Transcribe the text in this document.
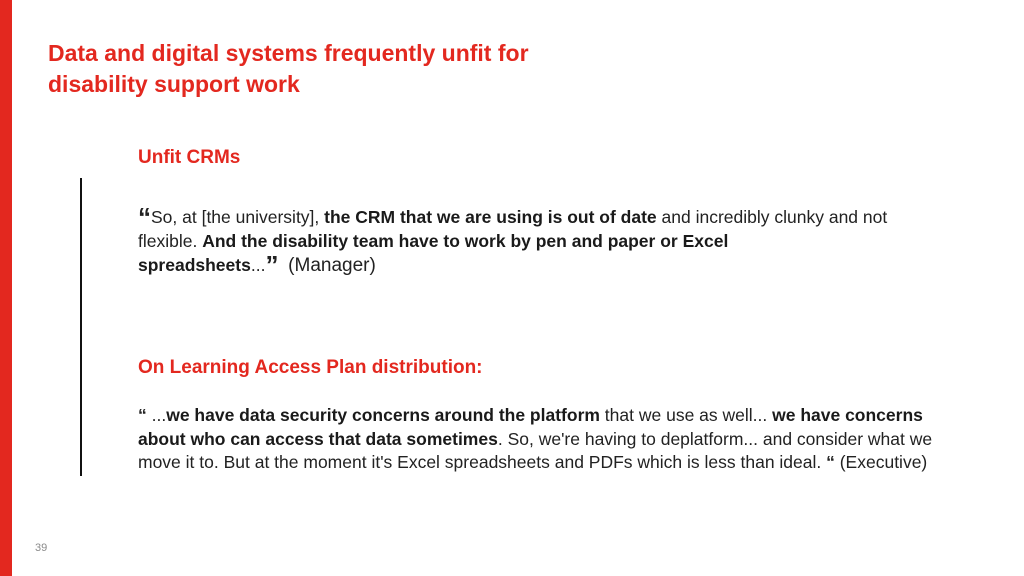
Data and digital systems frequently unfit for
disability support work
Unfit CRMs

“So, at [the university], the CRM that we are using is out of date and incredibly clunky and not flexible. And the disability team have to work by pen and paper or Excel spreadsheets...” (Manager)

On Learning Access Plan distribution:

“ ...we have data security concerns around the platform that we use as well... we have concerns about who can access that data sometimes. So, we're having to deplatform... and consider what we move it to. But at the moment it's Excel spreadsheets and PDFs which is less than ideal. “ (Executive)

39
